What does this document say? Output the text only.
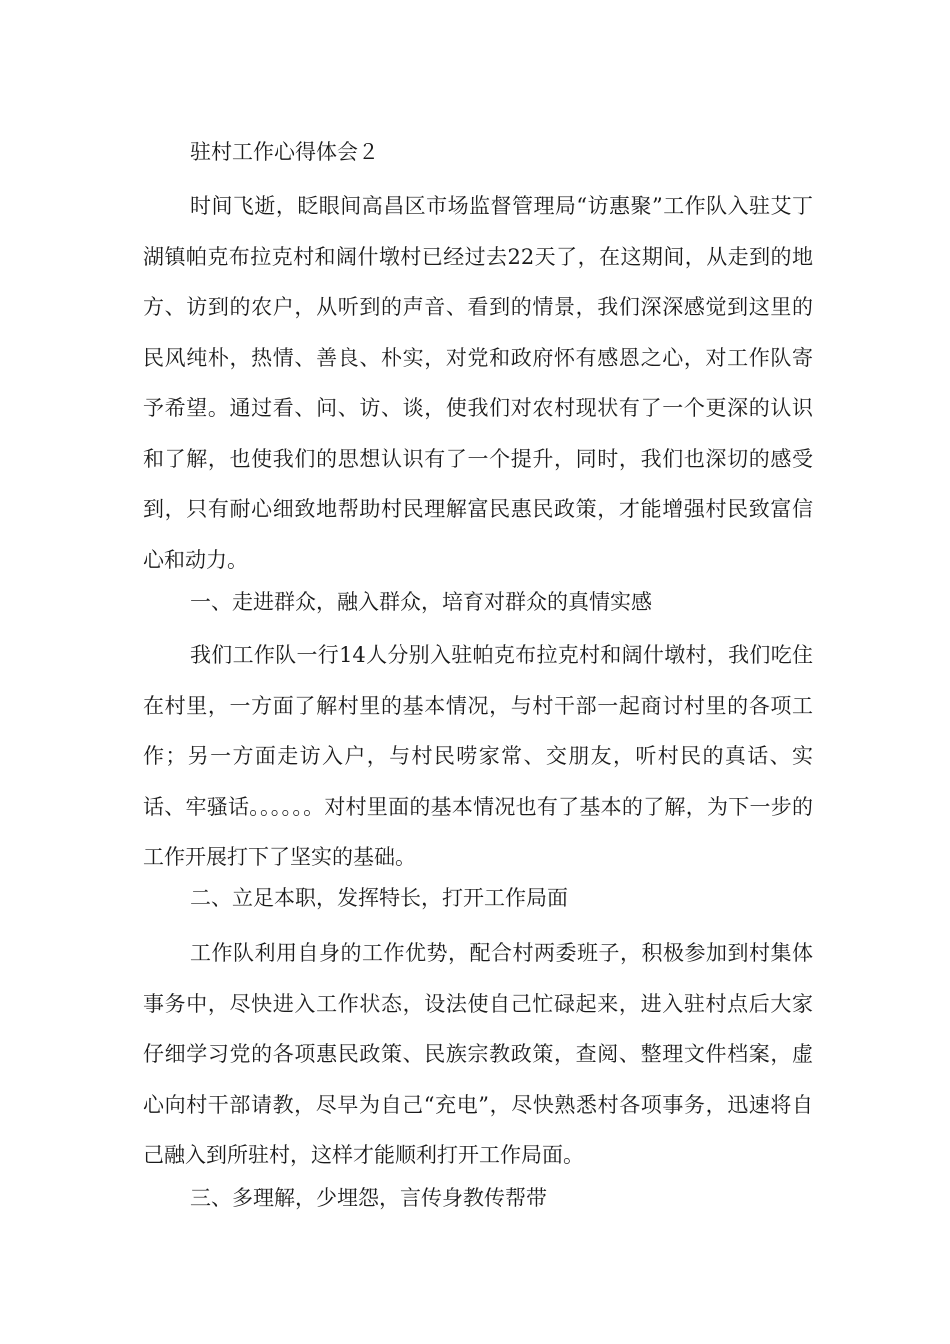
驻村工作心得体会２

时间飞逝，眨眼间高昌区市场监督管理局“访惠聚”工作队入驻艾丁湖镇帕克布拉克村和阔什墩村已经过去22天了，在这期间，从走到的地方、访到的农户，从听到的声音、看到的情景，我们深深感觉到这里的民风纯朴，热情、善良、朴实，对党和政府怀有感恩之心，对工作队寄予希望。通过看、问、访、谈，使我们对农村现状有了一个更深的认识和了解，也使我们的思想认识有了一个提升，同时，我们也深切的感受到，只有耐心细致地帮助村民理解富民惠民政策，才能增强村民致富信心和动力。

一、走进群众，融入群众，培育对群众的真情实感

我们工作队一行14人分别入驻帕克布拉克村和阔什墩村，我们吃住在村里，一方面了解村里的基本情况，与村干部一起商讨村里的各项工作；另一方面走访入户，与村民唠家常、交朋友，听村民的真话、实话、牢骚话。。。。。。对村里面的基本情况也有了基本的了解，为下一步的工作开展打下了坚实的基础。

二、立足本职，发挥特长，打开工作局面

工作队利用自身的工作优势，配合村两委班子，积极参加到村集体事务中，尽快进入工作状态，设法使自己忙碌起来，进入驻村点后大家仔细学习党的各项惠民政策、民族宗教政策，查阅、整理文件档案，虚心向村干部请教，尽早为自己“充电”，尽快熟悉村各项事务，迅速将自己融入到所驻村，这样才能顺利打开工作局面。

三、多理解，少埋怨，言传身教传帮带
